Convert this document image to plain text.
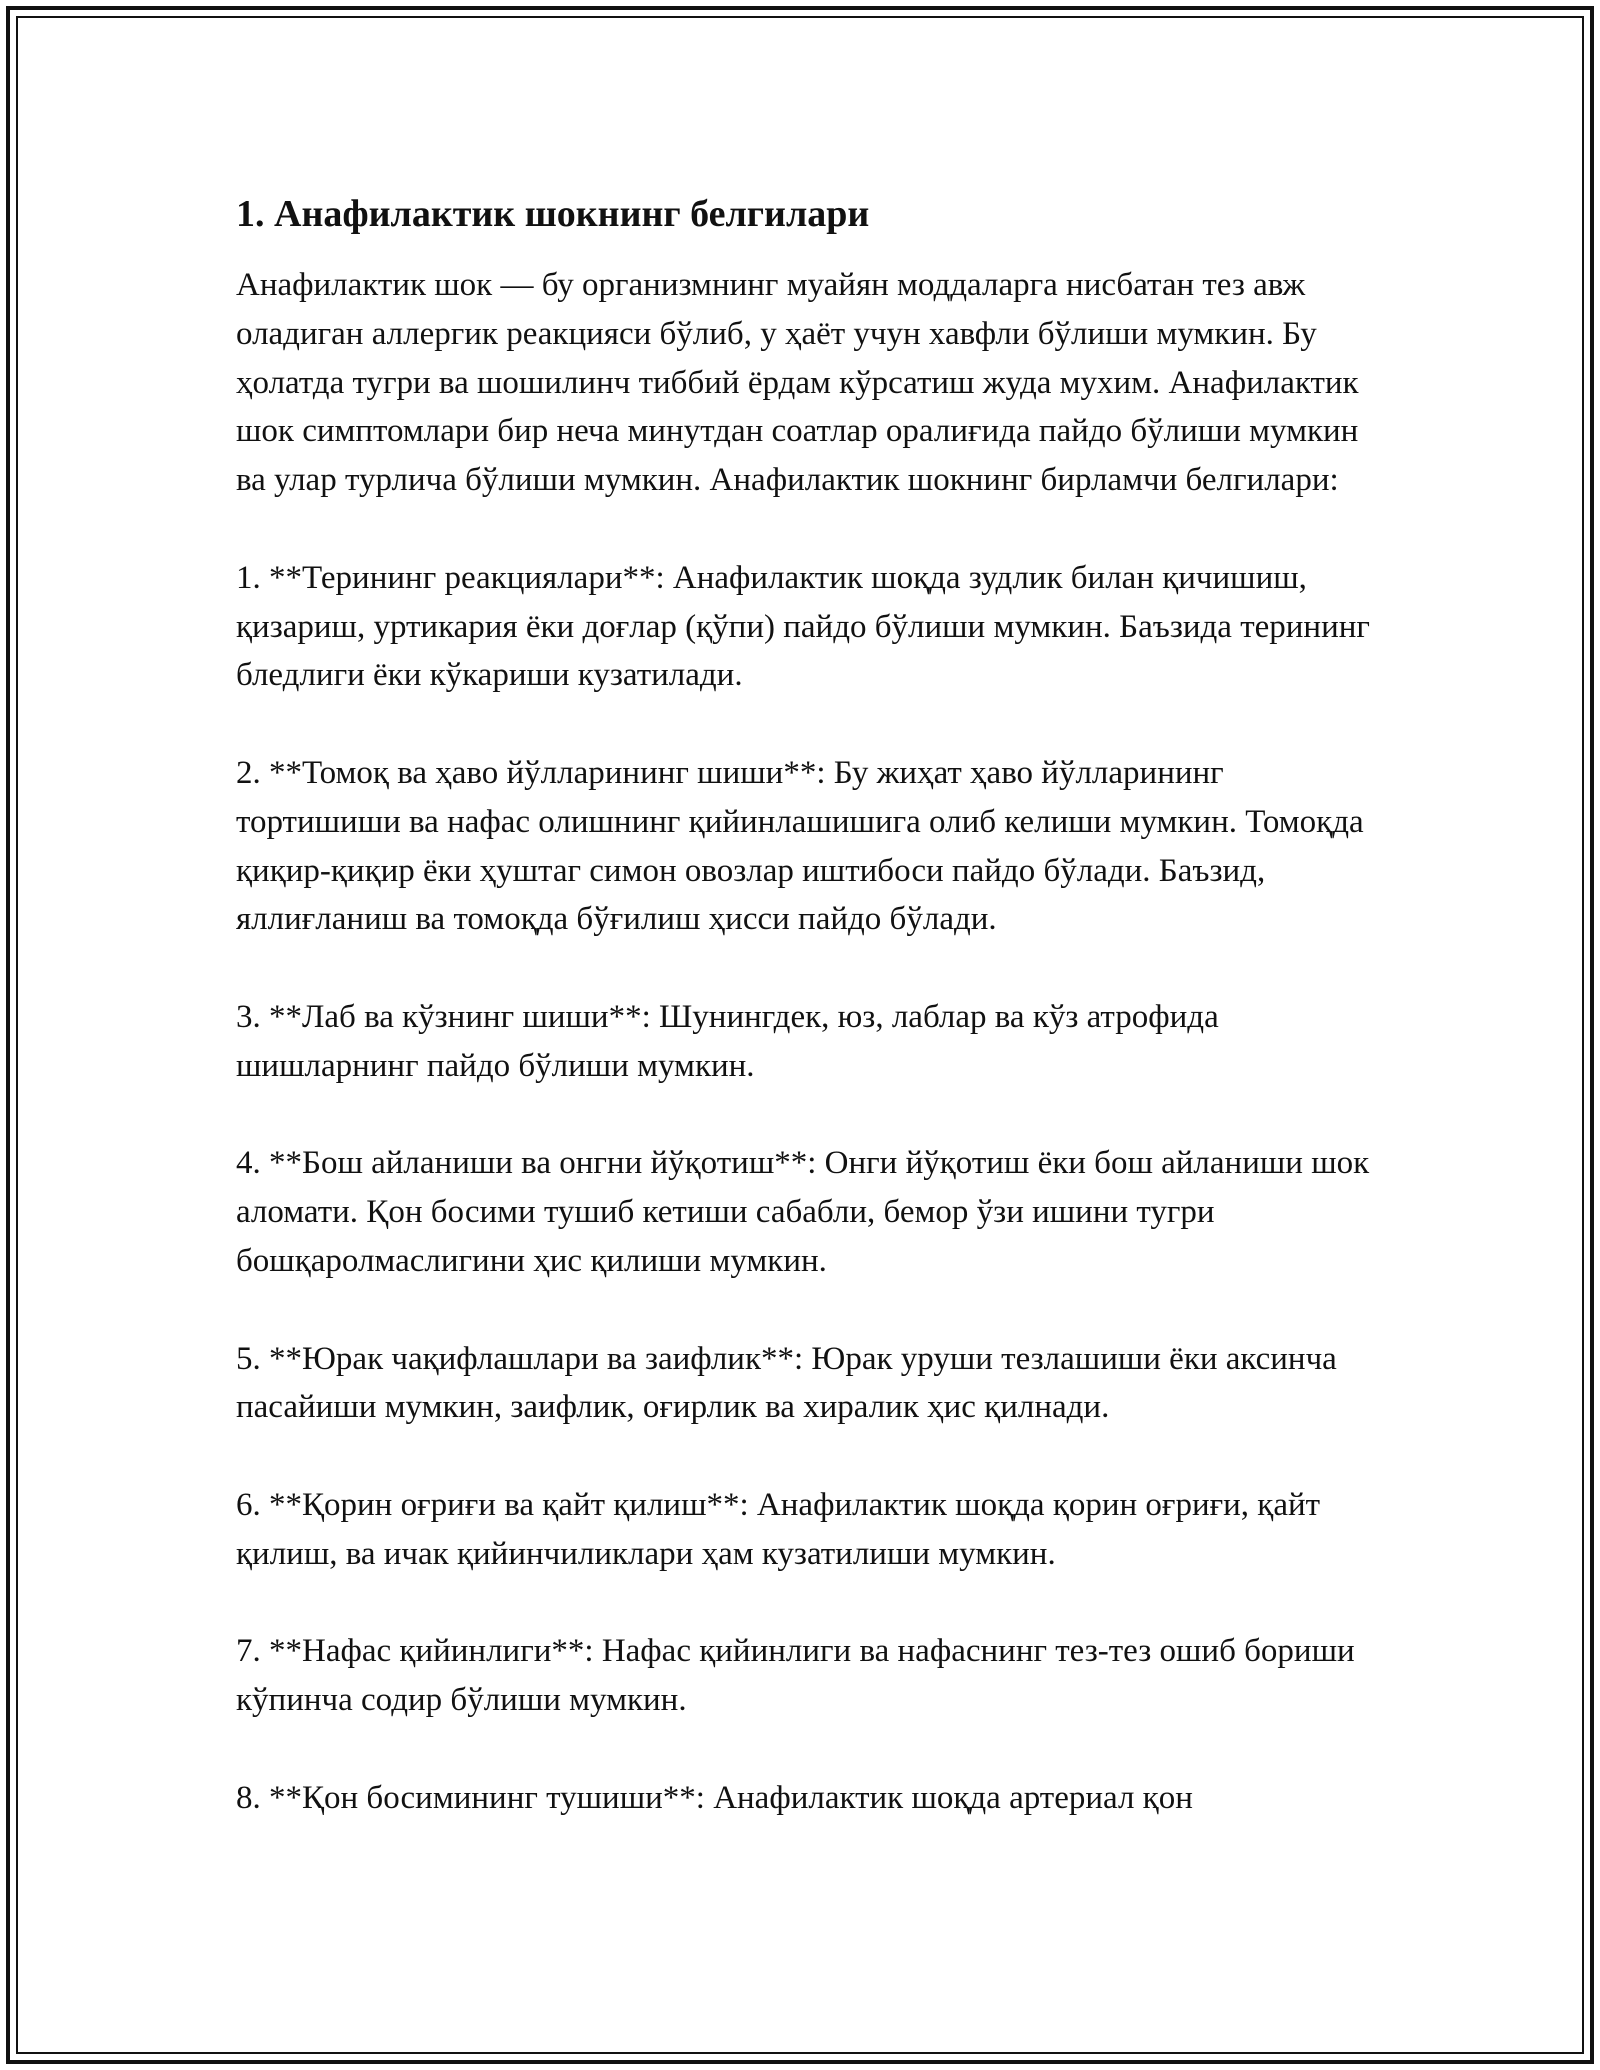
1. Анафилактик шокнинг белгилари

Анафилактик шок — бу организмнинг муайян моддаларга нисбатан тез авж оладиган аллергик реакцияси бўлиб, у ҳаёт учун хавфли бўлиши мумкин. Бу ҳолатда тугри ва шошилинч тиббий ёрдам кўрсатиш жуда мухим. Анафилактик шок симптомлари бир неча минутдан соатлар оралиғида пайдо бўлиши мумкин ва улар турлича бўлиши мумкин. Анафилактик шокнинг бирламчи белгилари:

1. **Терининг реакциялари**: Анафилактик шоқда зудлик билан қичишиш, қизариш, уртикария ёки доғлар (қўпи) пайдо бўлиши мумкин. Баъзида терининг бледлиги ёки кўкариши кузатилади.

2. **Томоқ ва ҳаво йўлларининг шиши**: Бу жиҳат ҳаво йўлларининг тортишиши ва нафас олишнинг қийинлашишига олиб келиши мумкин. Томоқда қиқир-қиқир ёки ҳуштаг симон овозлар иштибоси пайдо бўлади. Баъзид, яллиғланиш ва томоқда бўғилиш ҳисси пайдо бўлади.

3. **Лаб ва кўзнинг шиши**: Шунингдек, юз, лаблар ва кўз атрофида шишларнинг пайдо бўлиши мумкин.

4. **Бош айланиши ва онгни йўқотиш**: Онги йўқотиш ёки бош айланиши шок аломати. Қон босими тушиб кетиши сабабли, бемор ўзи ишини тугри бошқаролмаслигини ҳис қилиши мумкин.

5. **Юрак чақифлашлари ва заифлик**: Юрак уруши тезлашиши ёки аксинча пасайиши мумкин, заифлик, оғирлик ва хиралик ҳис қилнади.

6. **Қорин оғриғи ва қайт қилиш**: Анафилактик шоқда қорин оғриғи, қайт қилиш, ва ичак қийинчиликлари ҳам кузатилиши мумкин.

7. **Нафас қийинлиги**: Нафас қийинлиги ва нафаснинг тез-тез ошиб бориши кўпинча содир бўлиши мумкин.

8. **Қон босимининг тушиши**: Анафилактик шоқда артериал қон
